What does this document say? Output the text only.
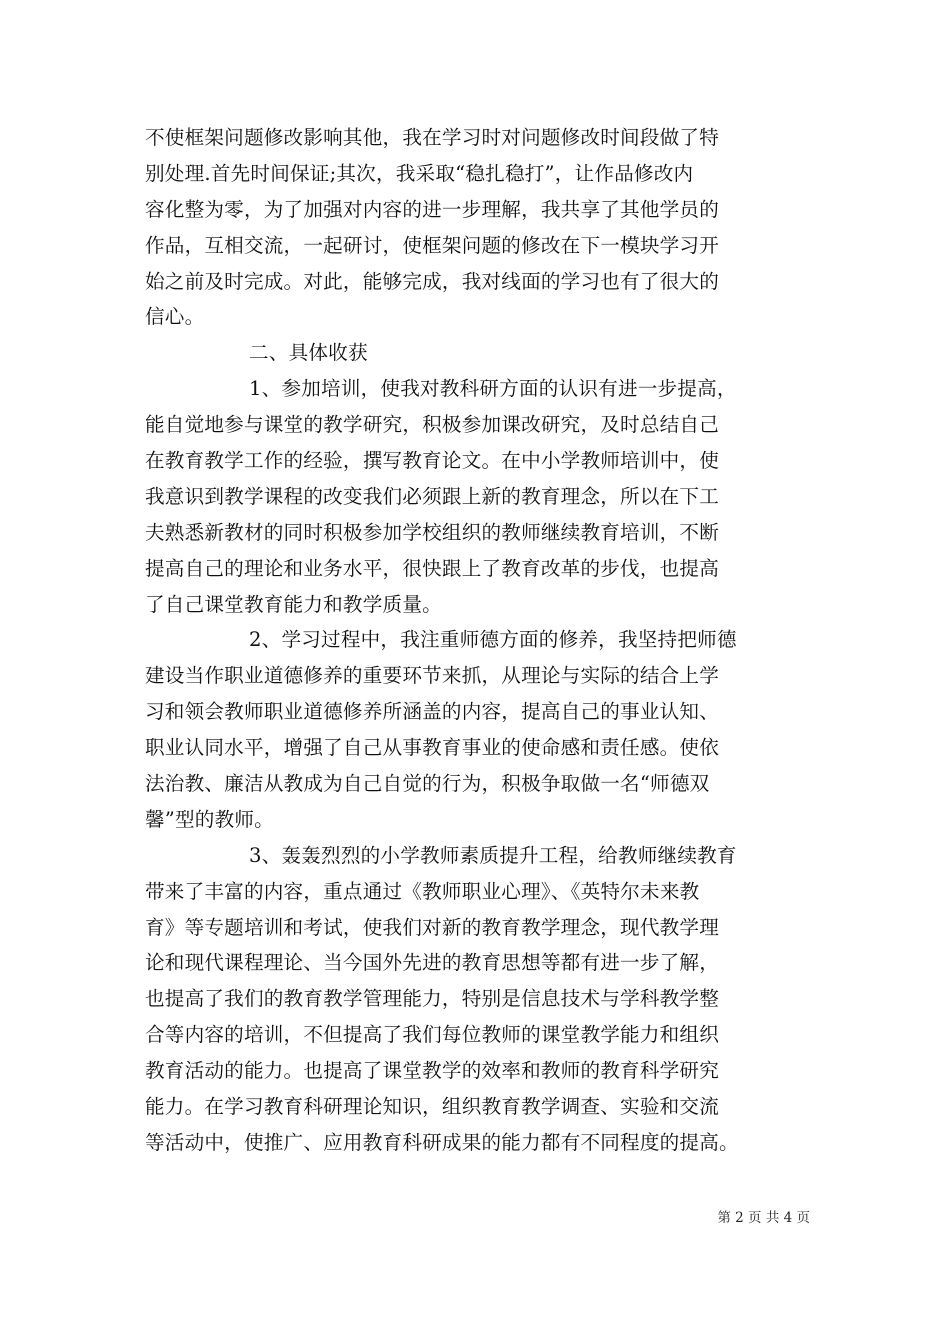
不使框架问题修改影响其他，我在学习时对问题修改时间段做了特
别处理.首先时间保证;其次，我采取“稳扎稳打”，让作品修改内
容化整为零，为了加强对内容的进一步理解，我共享了其他学员的
作品，互相交流，一起研讨，使框架问题的修改在下一模块学习开
始之前及时完成。对此，能够完成，我对线面的学习也有了很大的
信心。
二、具体收获
1、参加培训，使我对教科研方面的认识有进一步提高，
能自觉地参与课堂的教学研究，积极参加课改研究，及时总结自己
在教育教学工作的经验，撰写教育论文。在中小学教师培训中，使
我意识到教学课程的改变我们必须跟上新的教育理念，所以在下工
夫熟悉新教材的同时积极参加学校组织的教师继续教育培训，不断
提高自己的理论和业务水平，很快跟上了教育改革的步伐，也提高
了自己课堂教育能力和教学质量。
2、学习过程中，我注重师德方面的修养，我坚持把师德
建设当作职业道德修养的重要环节来抓，从理论与实际的结合上学
习和领会教师职业道德修养所涵盖的内容，提高自己的事业认知、
职业认同水平，增强了自己从事教育事业的使命感和责任感。使依
法治教、廉洁从教成为自己自觉的行为，积极争取做一名“师德双
馨”型的教师。
3、轰轰烈烈的小学教师素质提升工程，给教师继续教育
带来了丰富的内容，重点通过《教师职业心理》、《英特尔未来教
育》等专题培训和考试，使我们对新的教育教学理念，现代教学理
论和现代课程理论、当今国外先进的教育思想等都有进一步了解，
也提高了我们的教育教学管理能力，特别是信息技术与学科教学整
合等内容的培训，不但提高了我们每位教师的课堂教学能力和组织
教育活动的能力。也提高了课堂教学的效率和教师的教育科学研究
能力。在学习教育科研理论知识，组织教育教学调查、实验和交流
等活动中，使推广、应用教育科研成果的能力都有不同程度的提高。
第 2 页 共 4 页
